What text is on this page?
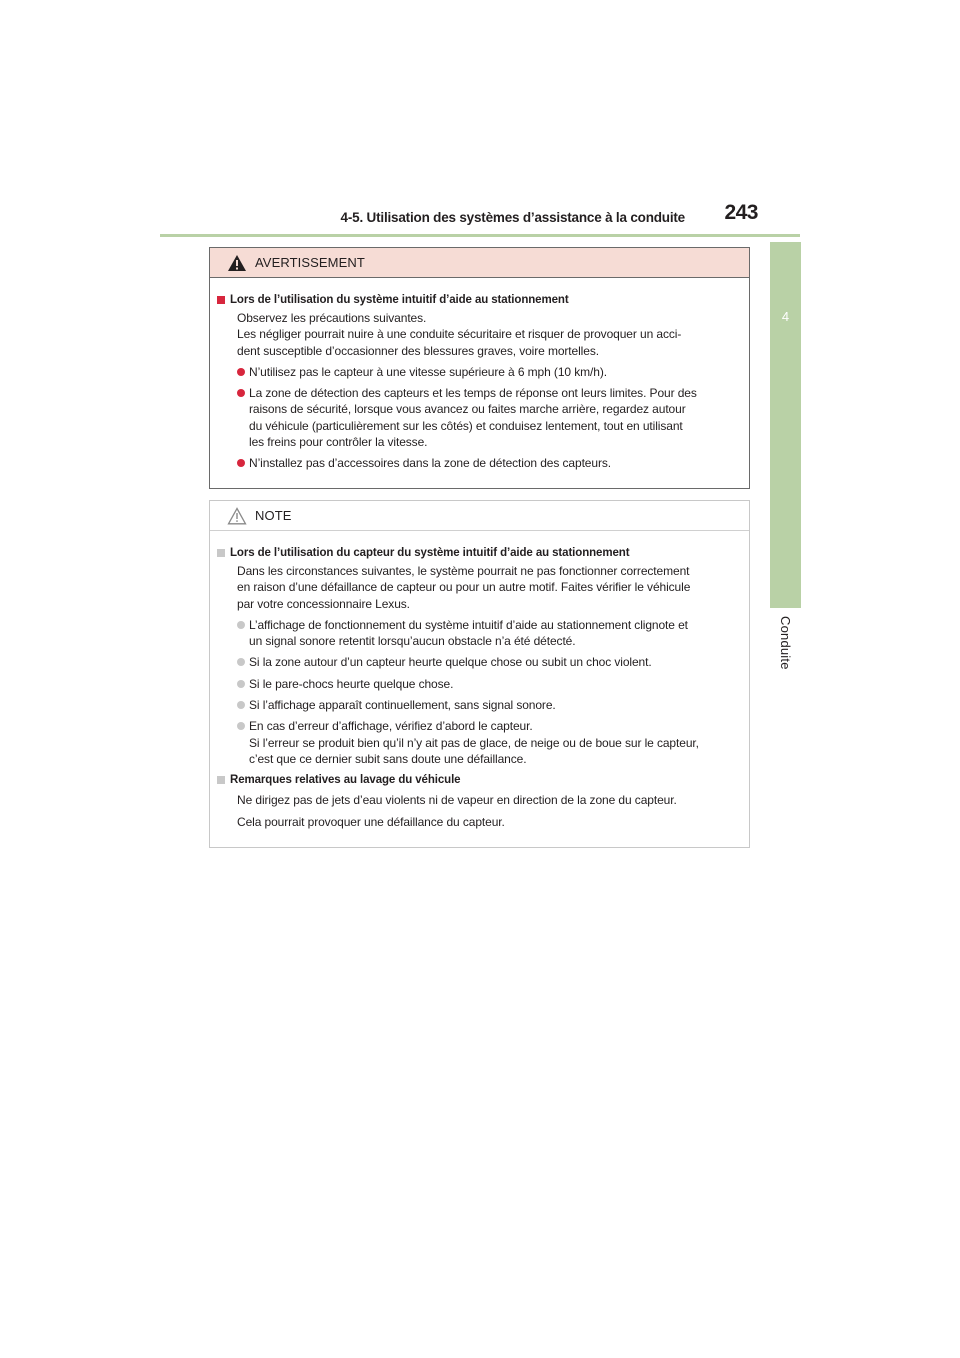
4-5. Utilisation des systèmes d’assistance à la conduite 243
4
Conduite
AVERTISSEMENT
Lors de l’utilisation du système intuitif d’aide au stationnement
Observez les précautions suivantes.
Les négliger pourrait nuire à une conduite sécuritaire et risquer de provoquer un acci-
dent susceptible d’occasionner des blessures graves, voire mortelles.
N’utilisez pas le capteur à une vitesse supérieure à 6 mph (10 km/h).
La zone de détection des capteurs et les temps de réponse ont leurs limites. Pour des
raisons de sécurité, lorsque vous avancez ou faites marche arrière, regardez autour
du véhicule (particulièrement sur les côtés) et conduisez lentement, tout en utilisant
les freins pour contrôler la vitesse.
N’installez pas d’accessoires dans la zone de détection des capteurs.
NOTE
Lors de l’utilisation du capteur du système intuitif d’aide au stationnement
Dans les circonstances suivantes, le système pourrait ne pas fonctionner correctement
en raison d’une défaillance de capteur ou pour un autre motif. Faites vérifier le véhicule
par votre concessionnaire Lexus.
L’affichage de fonctionnement du système intuitif d’aide au stationnement clignote et
un signal sonore retentit lorsqu’aucun obstacle n’a été détecté.
Si la zone autour d’un capteur heurte quelque chose ou subit un choc violent.
Si le pare-chocs heurte quelque chose.
Si l’affichage apparaît continuellement, sans signal sonore.
En cas d’erreur d’affichage, vérifiez d’abord le capteur.
Si l’erreur se produit bien qu’il n’y ait pas de glace, de neige ou de boue sur le capteur,
c’est que ce dernier subit sans doute une défaillance.
Remarques relatives au lavage du véhicule
Ne dirigez pas de jets d’eau violents ni de vapeur en direction de la zone du capteur.
Cela pourrait provoquer une défaillance du capteur.
